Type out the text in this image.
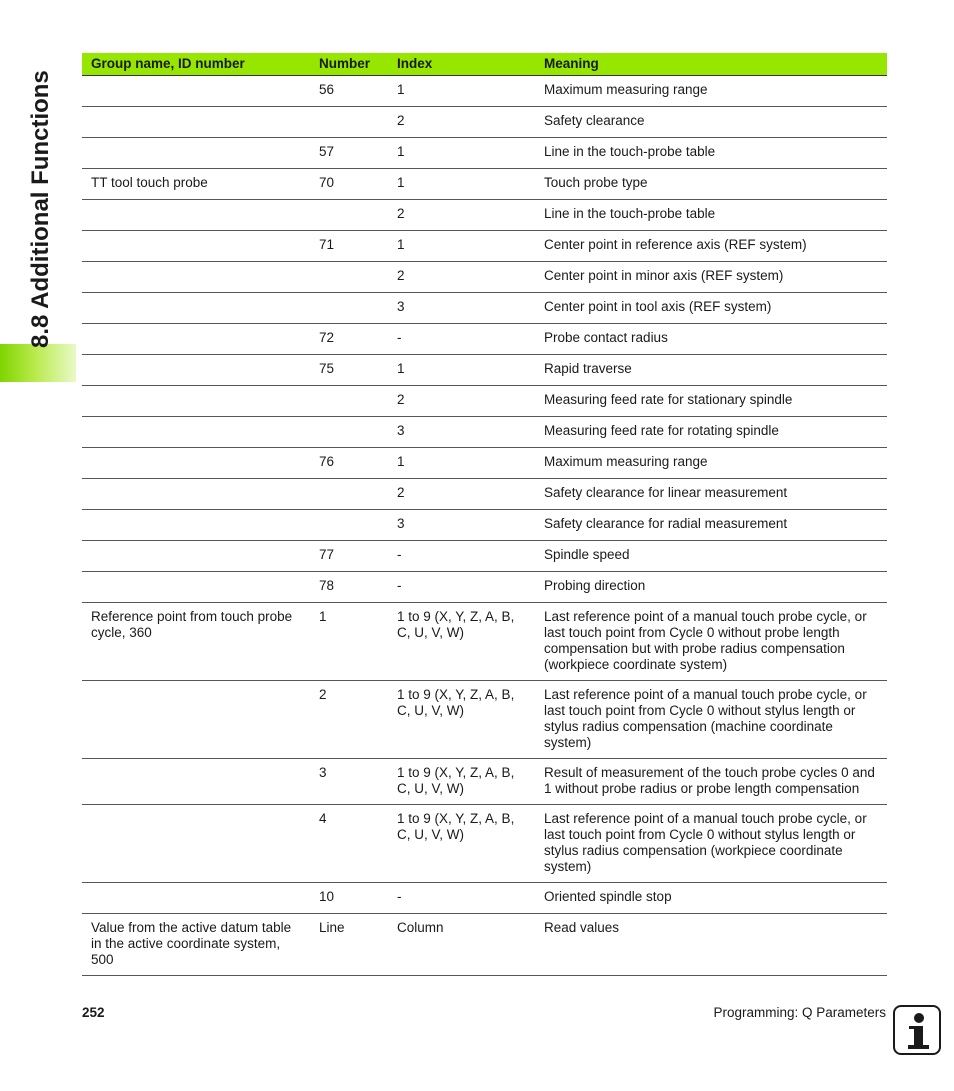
8.8 Additional Functions
Group name, ID number	Number	Index	Meaning
	56	1	Maximum measuring range
		2	Safety clearance
	57	1	Line in the touch-probe table
TT tool touch probe	70	1	Touch probe type
		2	Line in the touch-probe table
	71	1	Center point in reference axis (REF system)
		2	Center point in minor axis (REF system)
		3	Center point in tool axis (REF system)
	72	-	Probe contact radius
	75	1	Rapid traverse
		2	Measuring feed rate for stationary spindle
		3	Measuring feed rate for rotating spindle
	76	1	Maximum measuring range
		2	Safety clearance for linear measurement
		3	Safety clearance for radial measurement
	77	-	Spindle speed
	78	-	Probing direction
Reference point from touch probe cycle, 360	1	1 to 9 (X, Y, Z, A, B, C, U, V, W)	Last reference point of a manual touch probe cycle, or last touch point from Cycle 0 without probe length compensation but with probe radius compensation (workpiece coordinate system)
	2	1 to 9 (X, Y, Z, A, B, C, U, V, W)	Last reference point of a manual touch probe cycle, or last touch point from Cycle 0 without stylus length or stylus radius compensation (machine coordinate system)
	3	1 to 9 (X, Y, Z, A, B, C, U, V, W)	Result of measurement of the touch probe cycles 0 and 1 without probe radius or probe length compensation
	4	1 to 9 (X, Y, Z, A, B, C, U, V, W)	Last reference point of a manual touch probe cycle, or last touch point from Cycle 0 without stylus length or stylus radius compensation (workpiece coordinate system)
	10	-	Oriented spindle stop
Value from the active datum table in the active coordinate system, 500	Line	Column	Read values
252	Programming: Q Parameters
